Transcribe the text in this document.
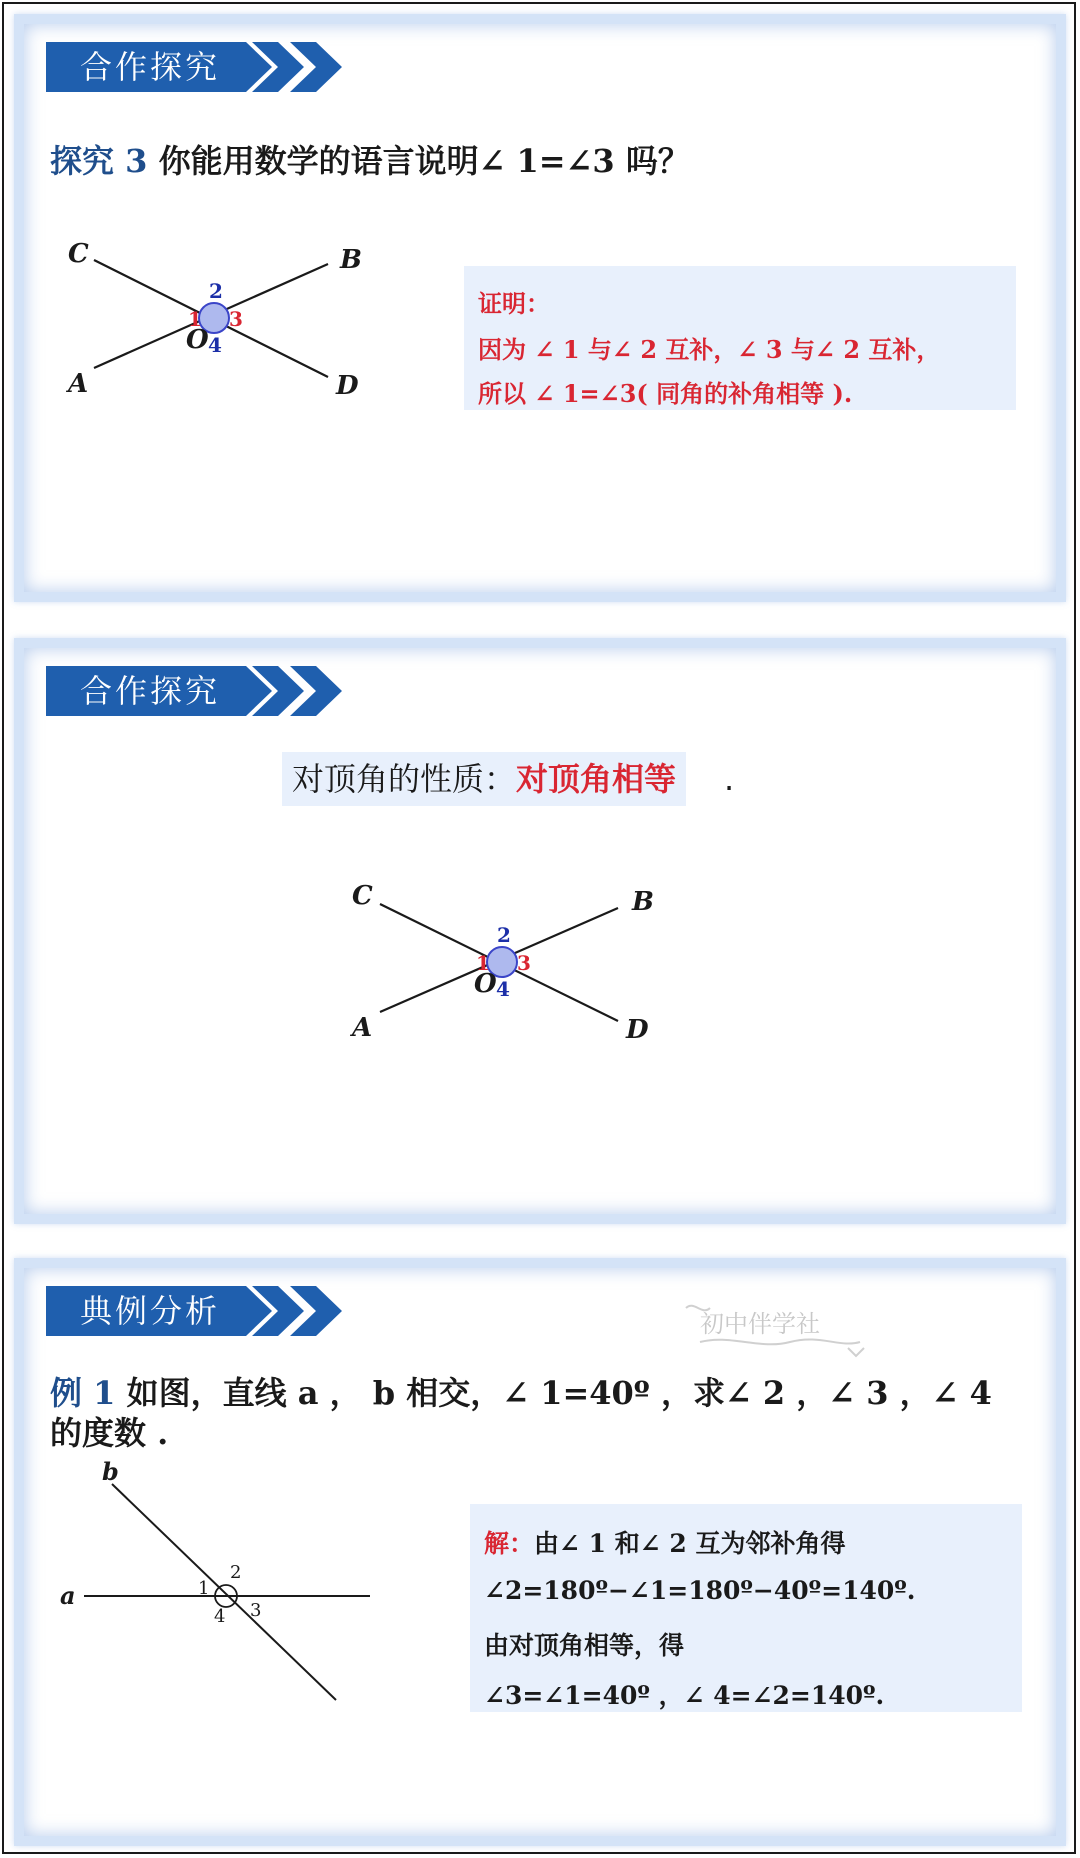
合作探究
探究 3 你能用数学的语言说明∠ 1=∠3 吗？
C	B
A	D
O
2
1 3
4
证明：
因为 ∠ 1 与∠ 2 互补，∠ 3 与∠ 2 互补，
所以 ∠ 1=∠3( 同角的补角相等 ).
合作探究
对顶角的性质：对顶角相等	.
C	B
A	D
O
2
1 3
4
典例分析	初中伴学社
例 1 如图，直线 a ， b 相交，∠ 1=40º ，求∠ 2 ，∠ 3 ，∠ 4
的度数 .
b
a	1
2
3
4
解：由∠ 1 和∠ 2 互为邻补角得
∠2=180º−∠1=180º−40º=140º.
由对顶角相等，得
∠3=∠1=40º ，∠ 4=∠2=140º.
